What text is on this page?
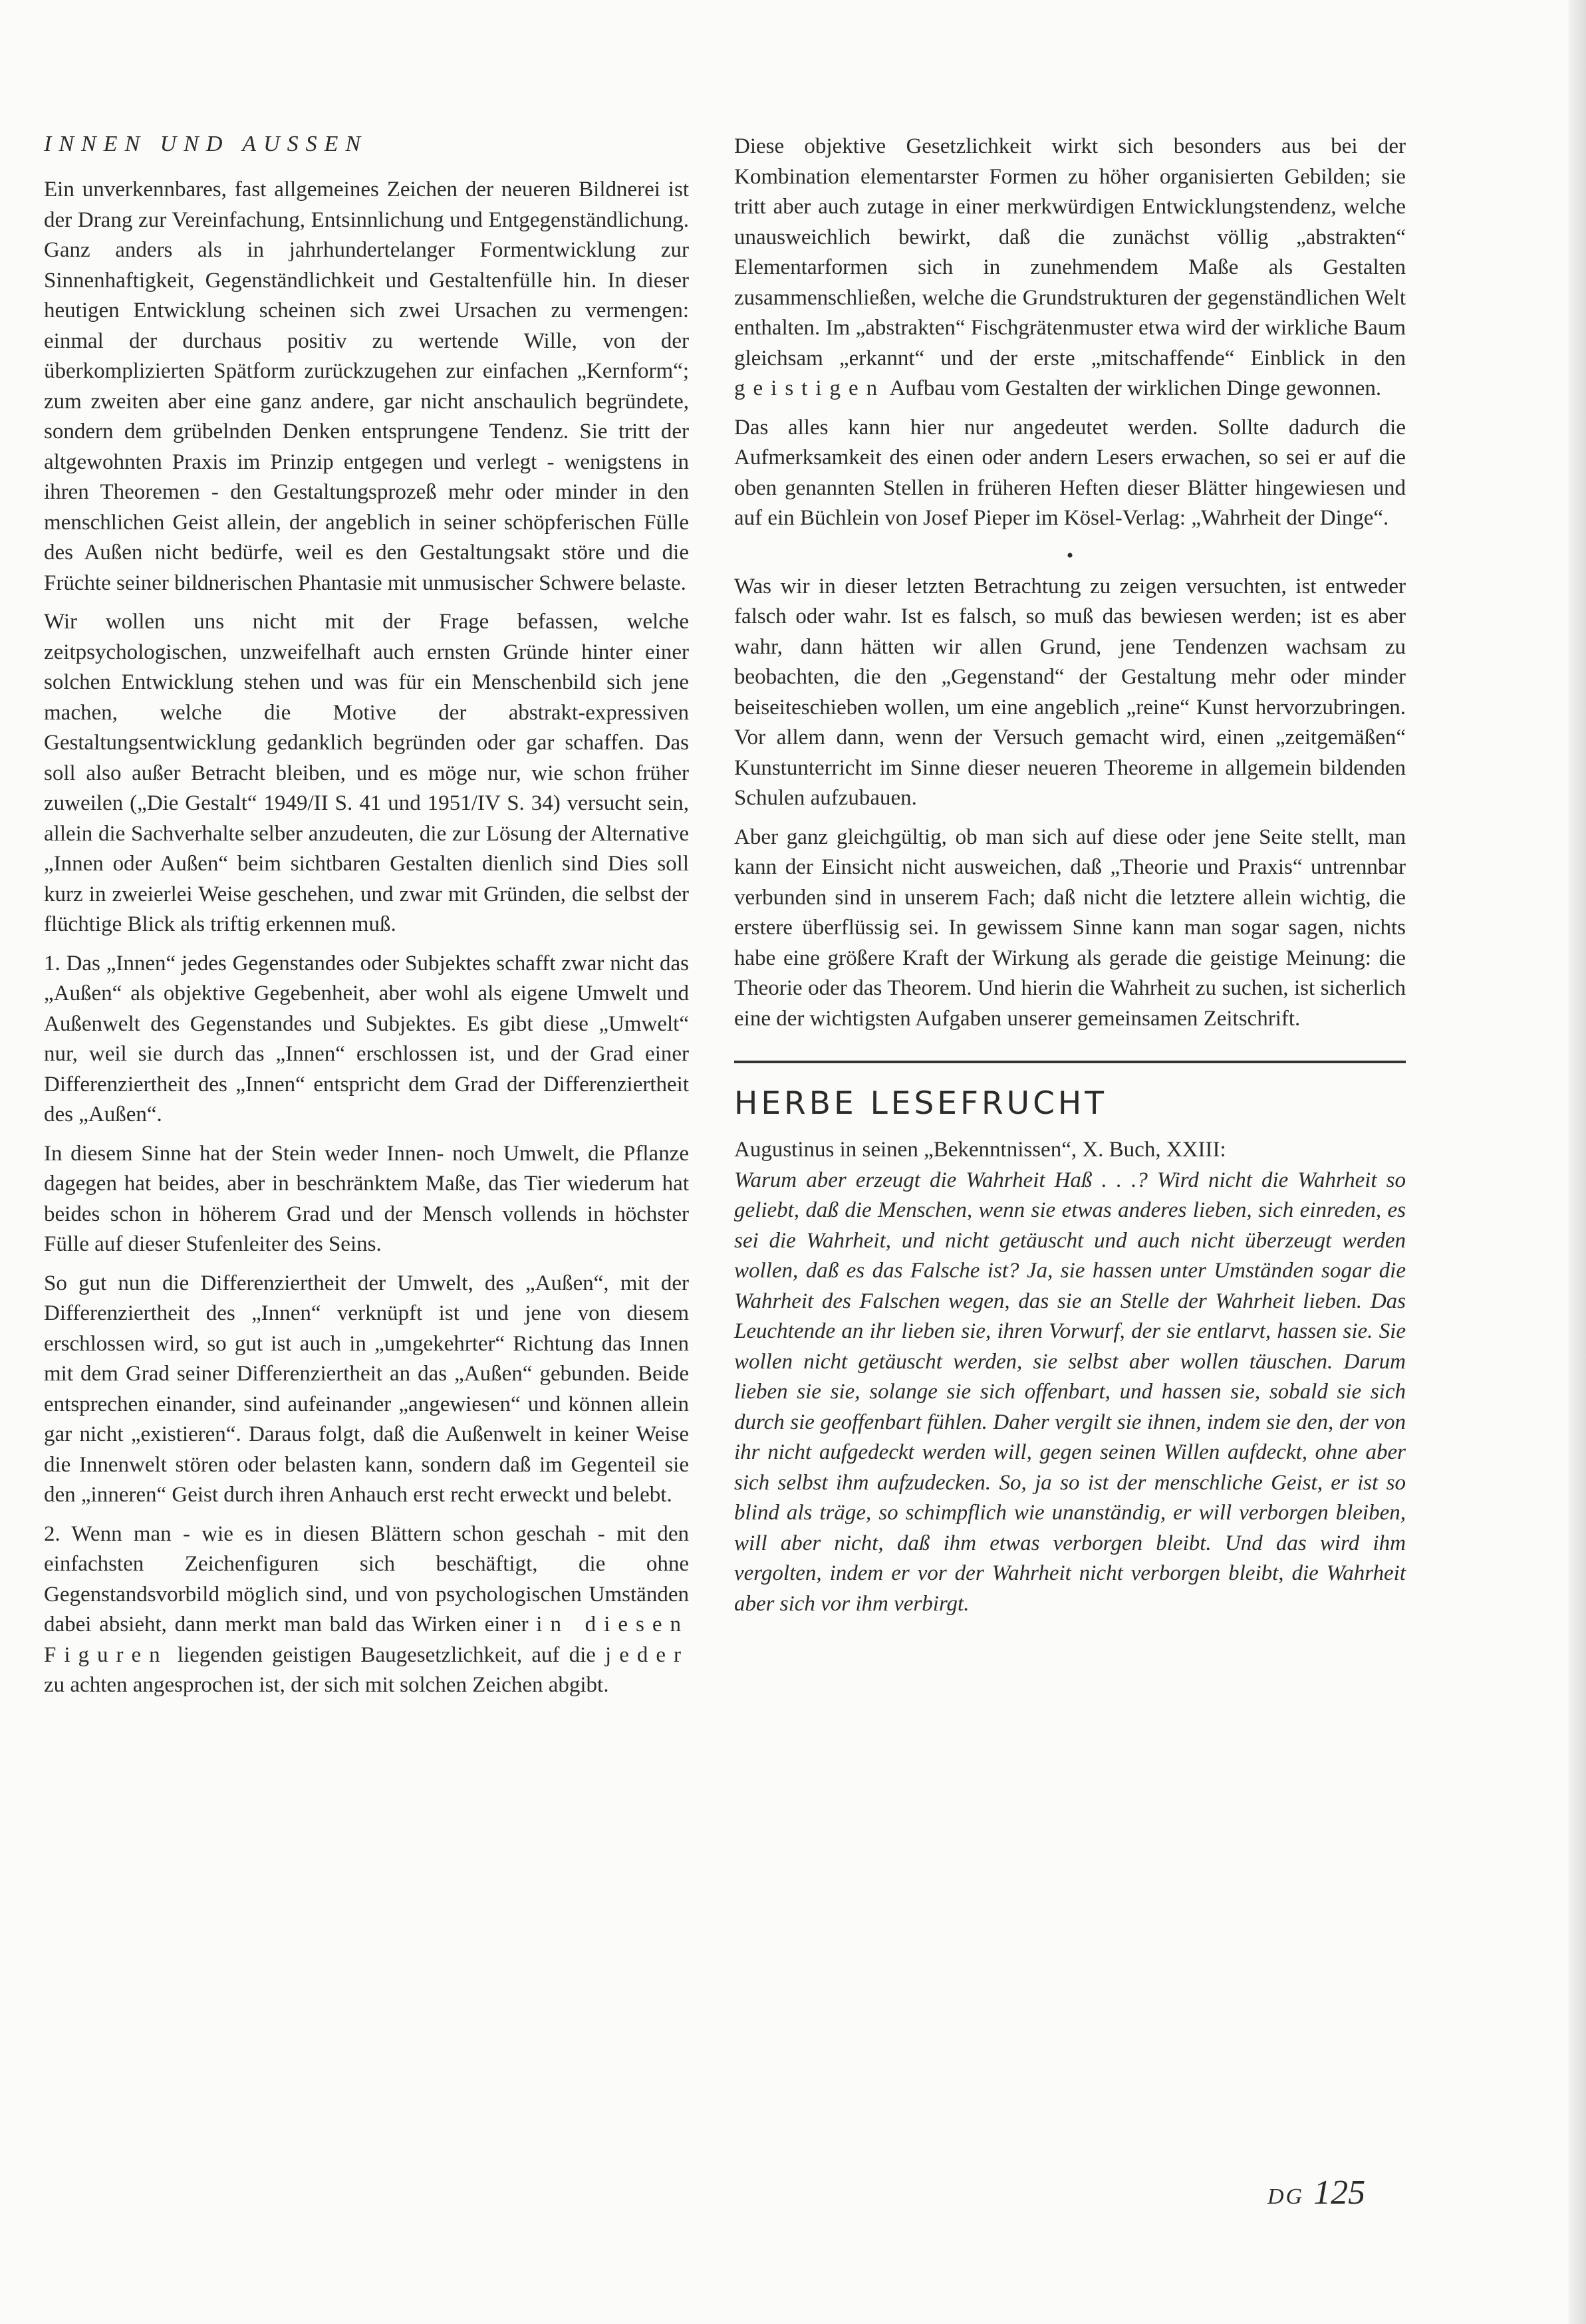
INNEN UND AUSSEN

Ein unverkennbares, fast allgemeines Zeichen der neueren Bildnerei ist der Drang zur Vereinfachung, Entsinnlichung und Entgegenständlichung. Ganz anders als in jahrhundertelanger Formentwicklung zur Sinnenhaftigkeit, Gegenständlichkeit und Gestaltenfülle hin. In dieser heutigen Entwicklung scheinen sich zwei Ursachen zu vermengen: einmal der durchaus positiv zu wertende Wille, von der überkomplizierten Spätform zurückzugehen zur einfachen „Kernform“; zum zweiten aber eine ganz andere, gar nicht anschaulich begründete, sondern dem grübelnden Denken entsprungene Tendenz. Sie tritt der altgewohnten Praxis im Prinzip entgegen und verlegt - wenigstens in ihren Theoremen - den Gestaltungsprozeß mehr oder minder in den menschlichen Geist allein, der angeblich in seiner schöpferischen Fülle des Außen nicht bedürfe, weil es den Gestaltungsakt störe und die Früchte seiner bildnerischen Phantasie mit unmusischer Schwere belaste.

Wir wollen uns nicht mit der Frage befassen, welche zeitpsychologischen, unzweifelhaft auch ernsten Gründe hinter einer solchen Entwicklung stehen und was für ein Menschenbild sich jene machen, welche die Motive der abstrakt-expressiven Gestaltungsentwicklung gedanklich begründen oder gar schaffen. Das soll also außer Betracht bleiben, und es möge nur, wie schon früher zuweilen („Die Gestalt“ 1949/II S. 41 und 1951/IV S. 34) versucht sein, allein die Sachverhalte selber anzudeuten, die zur Lösung der Alternative „Innen oder Außen“ beim sichtbaren Gestalten dienlich sind Dies soll kurz in zweierlei Weise geschehen, und zwar mit Gründen, die selbst der flüchtige Blick als triftig erkennen muß.

1. Das „Innen“ jedes Gegenstandes oder Subjektes schafft zwar nicht das „Außen“ als objektive Gegebenheit, aber wohl als eigene Umwelt und Außenwelt des Gegenstandes und Subjektes. Es gibt diese „Umwelt“ nur, weil sie durch das „Innen“ erschlossen ist, und der Grad einer Differenziertheit des „Innen“ entspricht dem Grad der Differenziertheit des „Außen“.

In diesem Sinne hat der Stein weder Innen- noch Umwelt, die Pflanze dagegen hat beides, aber in beschränktem Maße, das Tier wiederum hat beides schon in höherem Grad und der Mensch vollends in höchster Fülle auf dieser Stufenleiter des Seins.

So gut nun die Differenziertheit der Umwelt, des „Außen“, mit der Differenziertheit des „Innen“ verknüpft ist und jene von diesem erschlossen wird, so gut ist auch in „umgekehrter“ Richtung das Innen mit dem Grad seiner Differenziertheit an das „Außen“ gebunden. Beide entsprechen einander, sind aufeinander „angewiesen“ und können allein gar nicht „existieren“. Daraus folgt, daß die Außenwelt in keiner Weise die Innenwelt stören oder belasten kann, sondern daß im Gegenteil sie den „inneren“ Geist durch ihren Anhauch erst recht erweckt und belebt.

2. Wenn man - wie es in diesen Blättern schon geschah - mit den einfachsten Zeichenfiguren sich beschäftigt, die ohne Gegenstandsvorbild möglich sind, und von psychologischen Umständen dabei absieht, dann merkt man bald das Wirken einer in diesen Figuren liegenden geistigen Baugesetzlichkeit, auf die jeder zu achten angesprochen ist, der sich mit solchen Zeichen abgibt.

Diese objektive Gesetzlichkeit wirkt sich besonders aus bei der Kombination elementarster Formen zu höher organisierten Gebilden; sie tritt aber auch zutage in einer merkwürdigen Entwicklungstendenz, welche unausweichlich bewirkt, daß die zunächst völlig „abstrakten“ Elementarformen sich in zunehmendem Maße als Gestalten zusammenschließen, welche die Grundstrukturen der gegenständlichen Welt enthalten. Im „abstrakten“ Fischgrätenmuster etwa wird der wirkliche Baum gleichsam „erkannt“ und der erste „mitschaffende“ Einblick in den geistigen Aufbau vom Gestalten der wirklichen Dinge gewonnen.

Das alles kann hier nur angedeutet werden. Sollte dadurch die Aufmerksamkeit des einen oder andern Lesers erwachen, so sei er auf die oben genannten Stellen in früheren Heften dieser Blätter hingewiesen und auf ein Büchlein von Josef Pieper im Kösel-Verlag: „Wahrheit der Dinge“.

•

Was wir in dieser letzten Betrachtung zu zeigen versuchten, ist entweder falsch oder wahr. Ist es falsch, so muß das bewiesen werden; ist es aber wahr, dann hätten wir allen Grund, jene Tendenzen wachsam zu beobachten, die den „Gegenstand“ der Gestaltung mehr oder minder beiseiteschieben wollen, um eine angeblich „reine“ Kunst hervorzubringen. Vor allem dann, wenn der Versuch gemacht wird, einen „zeitgemäßen“ Kunstunterricht im Sinne dieser neueren Theoreme in allgemein bildenden Schulen aufzubauen.

Aber ganz gleichgültig, ob man sich auf diese oder jene Seite stellt, man kann der Einsicht nicht ausweichen, daß „Theorie und Praxis“ untrennbar verbunden sind in unserem Fach; daß nicht die letztere allein wichtig, die erstere überflüssig sei. In gewissem Sinne kann man sogar sagen, nichts habe eine größere Kraft der Wirkung als gerade die geistige Meinung: die Theorie oder das Theorem. Und hierin die Wahrheit zu suchen, ist sicherlich eine der wichtigsten Aufgaben unserer gemeinsamen Zeitschrift.

HERBE LESEFRUCHT

Augustinus in seinen „Bekenntnissen“, X. Buch, XXIII:

Warum aber erzeugt die Wahrheit Haß . . .? Wird nicht die Wahrheit so geliebt, daß die Menschen, wenn sie etwas anderes lieben, sich einreden, es sei die Wahrheit, und nicht getäuscht und auch nicht überzeugt werden wollen, daß es das Falsche ist? Ja, sie hassen unter Umständen sogar die Wahrheit des Falschen wegen, das sie an Stelle der Wahrheit lieben. Das Leuchtende an ihr lieben sie, ihren Vorwurf, der sie entlarvt, hassen sie. Sie wollen nicht getäuscht werden, sie selbst aber wollen täuschen. Darum lieben sie sie, solange sie sich offenbart, und hassen sie, sobald sie sich durch sie geoffenbart fühlen. Daher vergilt sie ihnen, indem sie den, der von ihr nicht aufgedeckt werden will, gegen seinen Willen aufdeckt, ohne aber sich selbst ihm aufzudecken. So, ja so ist der menschliche Geist, er ist so blind als träge, so schimpflich wie unanständig, er will verborgen bleiben, will aber nicht, daß ihm etwas verborgen bleibt. Und das wird ihm vergolten, indem er vor der Wahrheit nicht verborgen bleibt, die Wahrheit aber sich vor ihm verbirgt.

DG 125
